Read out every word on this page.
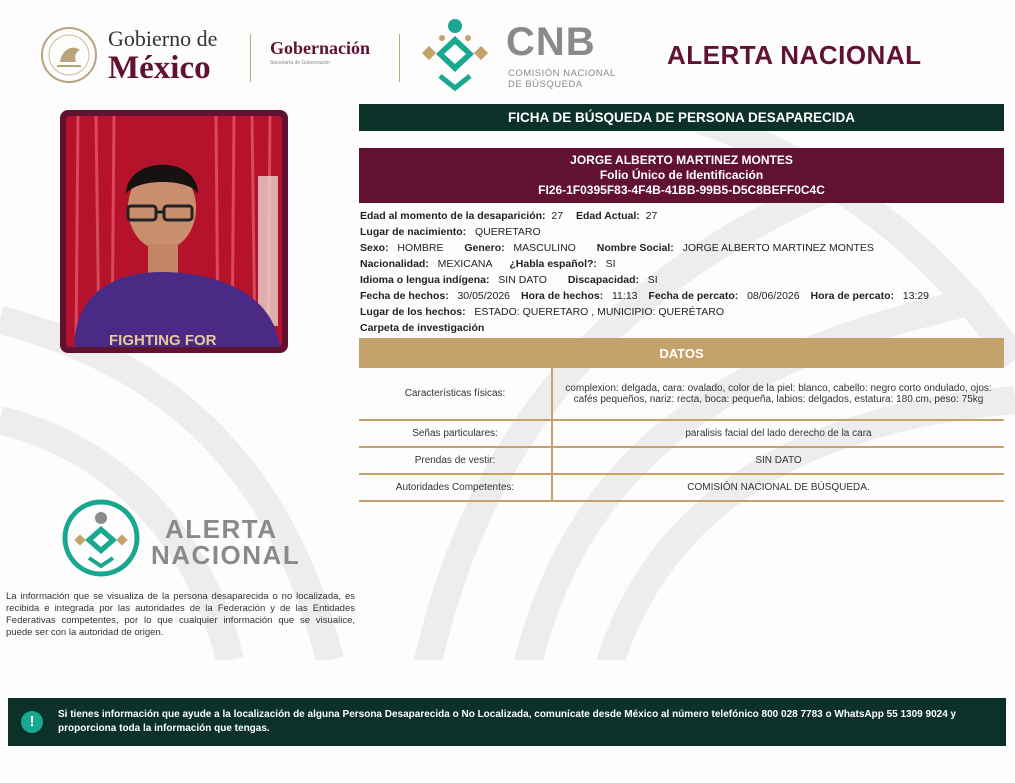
Gobierno de
México
Gobernación
Secretaría de Gobernación	CNB
COMISIÓN NACIONAL
DE BÚSQUEDA
ALERTA NACIONAL
FIGHTING FOR
FICHA DE BÚSQUEDA DE PERSONA DESAPARECIDA
JORGE ALBERTO MARTINEZ MONTES
Folio Único de Identificación
FI26-1F0395F83-4F4B-41BB-99B5-D5C8BEFF0C4C
Edad al momento de la desaparición: 27 Edad Actual: 27
Lugar de nacimiento: QUERETARO
Sexo: HOMBRE Genero: MASCULINO Nombre Social: JORGE ALBERTO MARTINEZ MONTES
Nacionalidad: MEXICANA ¿Habla español?: SI
Idioma o lengua indígena: SIN DATO Discapacidad: SI
Fecha de hechos: 30/05/2026 Hora de hechos: 11:13 Fecha de percato: 08/06/2026 Hora de percato: 13:29
Lugar de los hechos: ESTADO: QUERETARO , MUNICIPIO: QUERÉTARO
Carpeta de investigación
DATOS
Características físicas:	complexion: delgada, cara: ovalado, color de la piel: blanco, cabello: negro corto ondulado, ojos: cafés pequeños, nariz: recta, boca: pequeña, labios: delgados, estatura: 180 cm, peso: 75kg
Señas particulares:	paralisis facial del lado derecho de la cara
Prendas de vestir:	SIN DATO
Autoridades Competentes:	COMISIÓN NACIONAL DE BÚSQUEDA.
ALERTA
NACIONAL
La información que se visualiza de la persona desaparecida o no localizada, es recibida e integrada por las autoridades de la Federación y de las Entidades Federativas competentes, por lo que cualquier información que se visualice, puede ser con la autoridad de origen.
!	Si tienes información que ayude a la localización de alguna Persona Desaparecida o No Localizada, comunícate desde México al número telefónico 800 028 7783 o WhatsApp 55 1309 9024 y proporciona toda la información que tengas.
